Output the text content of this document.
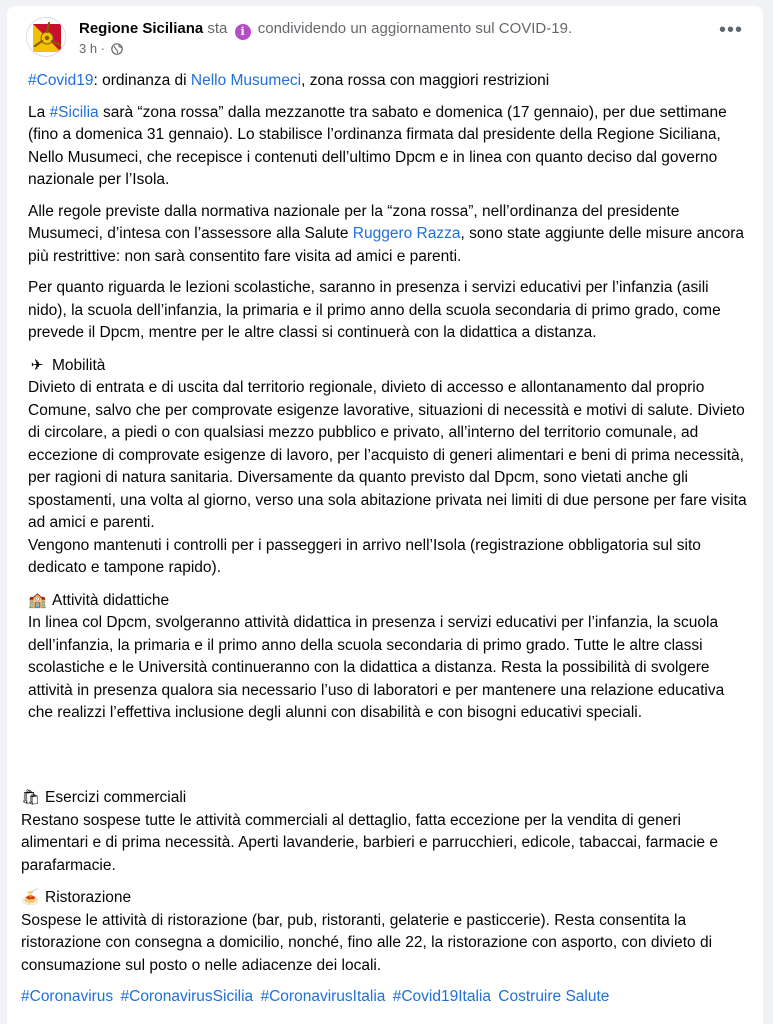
Regione Siciliana sta i condividendo un aggiornamento sul COVID-19.
3 h ·
•••
#Covid19: ordinanza di Nello Musumeci, zona rossa con maggiori restrizioni
La #Sicilia sarà “zona rossa” dalla mezzanotte tra sabato e domenica (17 gennaio), per due settimane (fino a domenica 31 gennaio). Lo stabilisce l’ordinanza firmata dal presidente della Regione Siciliana, Nello Musumeci, che recepisce i contenuti dell’ultimo Dpcm e in linea con quanto deciso dal governo nazionale per l’Isola.
Alle regole previste dalla normativa nazionale per la “zona rossa”, nell’ordinanza del presidente Musumeci, d’intesa con l’assessore alla Salute Ruggero Razza, sono state aggiunte delle misure ancora più restrittive: non sarà consentito fare visita ad amici e parenti.
Per quanto riguarda le lezioni scolastiche, saranno in presenza i servizi educativi per l’infanzia (asili nido), la scuola dell’infanzia, la primaria e il primo anno della scuola secondaria di primo grado, come prevede il Dpcm, mentre per le altre classi si continuerà con la didattica a distanza.
✈ Mobilità
Divieto di entrata e di uscita dal territorio regionale, divieto di accesso e allontanamento dal proprio Comune, salvo che per comprovate esigenze lavorative, situazioni di necessità e motivi di salute. Divieto di circolare, a piedi o con qualsiasi mezzo pubblico e privato, all’interno del territorio comunale, ad eccezione di comprovate esigenze di lavoro, per l’acquisto di generi alimentari e beni di prima necessità, per ragioni di natura sanitaria. Diversamente da quanto previsto dal Dpcm, sono vietati anche gli spostamenti, una volta al giorno, verso una sola abitazione privata nei limiti di due persone per fare visita ad amici e parenti.
Vengono mantenuti i controlli per i passeggeri in arrivo nell’Isola (registrazione obbligatoria sul sito dedicato e tampone rapido).
🏫 Attività didattiche
In linea col Dpcm, svolgeranno attività didattica in presenza i servizi educativi per l’infanzia, la scuola dell’infanzia, la primaria e il primo anno della scuola secondaria di primo grado. Tutte le altre classi scolastiche e le Università continueranno con la didattica a distanza. Resta la possibilità di svolgere attività in presenza qualora sia necessario l’uso di laboratori e per mantenere una relazione educativa che realizzi l’effettiva inclusione degli alunni con disabilità e con bisogni educativi speciali.
🛍 Esercizi commerciali
Restano sospese tutte le attività commerciali al dettaglio, fatta eccezione per la vendita di generi alimentari e di prima necessità. Aperti lavanderie, barbieri e parrucchieri, edicole, tabaccai, farmacie e parafarmacie.
🍝 Ristorazione
Sospese le attività di ristorazione (bar, pub, ristoranti, gelaterie e pasticcerie). Resta consentita la ristorazione con consegna a domicilio, nonché, fino alle 22, la ristorazione con asporto, con divieto di consumazione sul posto o nelle adiacenze dei locali.
#Coronavirus #CoronavirusSicilia #CoronavirusItalia #Covid19Italia Costruire Salute
